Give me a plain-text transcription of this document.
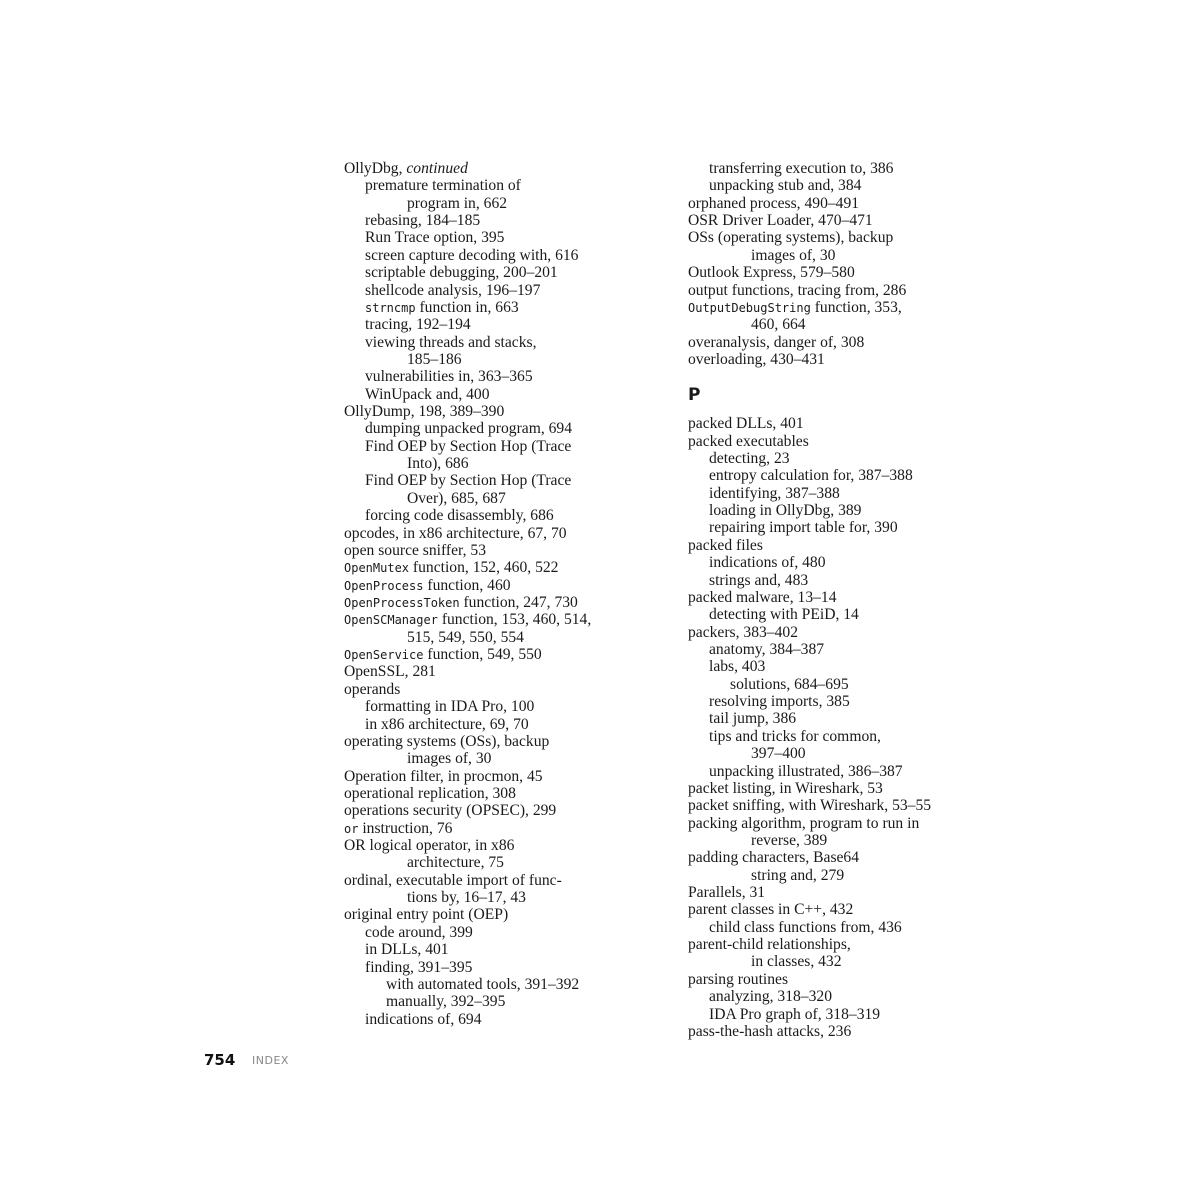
OllyDbg, continued
premature termination of
program in, 662
rebasing, 184–185
Run Trace option, 395
screen capture decoding with, 616
scriptable debugging, 200–201
shellcode analysis, 196–197
strncmp function in, 663
tracing, 192–194
viewing threads and stacks,
185–186
vulnerabilities in, 363–365
WinUpack and, 400
OllyDump, 198, 389–390
dumping unpacked program, 694
Find OEP by Section Hop (Trace
Into), 686
Find OEP by Section Hop (Trace
Over), 685, 687
forcing code disassembly, 686
opcodes, in x86 architecture, 67, 70
open source sniffer, 53
OpenMutex function, 152, 460, 522
OpenProcess function, 460
OpenProcessToken function, 247, 730
OpenSCManager function, 153, 460, 514,
515, 549, 550, 554
OpenService function, 549, 550
OpenSSL, 281
operands
formatting in IDA Pro, 100
in x86 architecture, 69, 70
operating systems (OSs), backup
images of, 30
Operation filter, in procmon, 45
operational replication, 308
operations security (OPSEC), 299
or instruction, 76
OR logical operator, in x86
architecture, 75
ordinal, executable import of func-
tions by, 16–17, 43
original entry point (OEP)
code around, 399
in DLLs, 401
finding, 391–395
with automated tools, 391–392
manually, 392–395
indications of, 694
transferring execution to, 386
unpacking stub and, 384
orphaned process, 490–491
OSR Driver Loader, 470–471
OSs (operating systems), backup
images of, 30
Outlook Express, 579–580
output functions, tracing from, 286
OutputDebugString function, 353,
460, 664
overanalysis, danger of, 308
overloading, 430–431
P
packed DLLs, 401
packed executables
detecting, 23
entropy calculation for, 387–388
identifying, 387–388
loading in OllyDbg, 389
repairing import table for, 390
packed files
indications of, 480
strings and, 483
packed malware, 13–14
detecting with PEiD, 14
packers, 383–402
anatomy, 384–387
labs, 403
solutions, 684–695
resolving imports, 385
tail jump, 386
tips and tricks for common,
397–400
unpacking illustrated, 386–387
packet listing, in Wireshark, 53
packet sniffing, with Wireshark, 53–55
packing algorithm, program to run in
reverse, 389
padding characters, Base64
string and, 279
Parallels, 31
parent classes in C++, 432
child class functions from, 436
parent-child relationships,
in classes, 432
parsing routines
analyzing, 318–320
IDA Pro graph of, 318–319
pass-the-hash attacks, 236
754 INDEX
